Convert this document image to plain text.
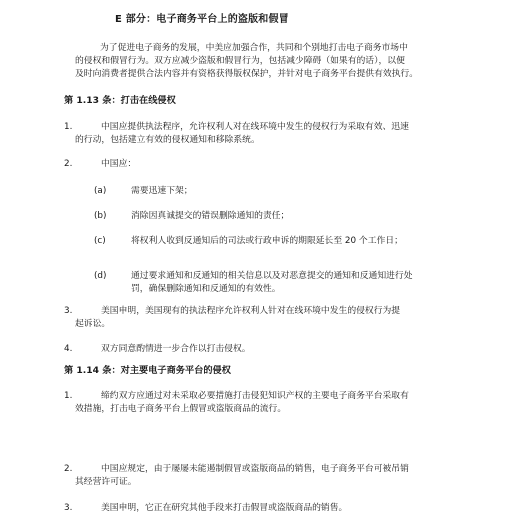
E 部分：电子商务平台上的盗版和假冒
为了促进电子商务的发展，中美应加强合作，共同和个别地打击电子商务市场中
的侵权和假冒行为。双方应减少盗版和假冒行为，包括减少障碍（如果有的话），以便
及时向消费者提供合法内容并有资格获得版权保护，并针对电子商务平台提供有效执行。
第 1.13 条：打击在线侵权
1.	中国应提供执法程序，允许权利人对在线环境中发生的侵权行为采取有效、迅速
的行动，包括建立有效的侵权通知和移除系统。
2.	中国应：
(a)	需要迅速下架；
(b)	消除因真诚提交的错误删除通知的责任；
(c)	将权利人收到反通知后的司法或行政申诉的期限延长至 20 个工作日；
(d)	通过要求通知和反通知的相关信息以及对恶意提交的通知和反通知进行处
罚，确保删除通知和反通知的有效性。
3.	美国申明，美国现有的执法程序允许权利人针对在线环境中发生的侵权行为提
起诉讼。
4.	双方同意酌情进一步合作以打击侵权。
第 1.14 条：对主要电子商务平台的侵权
1.	缔约双方应通过对未采取必要措施打击侵犯知识产权的主要电子商务平台采取有
效措施，打击电子商务平台上假冒或盗版商品的流行。
2.	中国应规定，由于屡屡未能遏制假冒或盗版商品的销售，电子商务平台可被吊销
其经营许可证。
3.	美国申明，它正在研究其他手段来打击假冒或盗版商品的销售。
